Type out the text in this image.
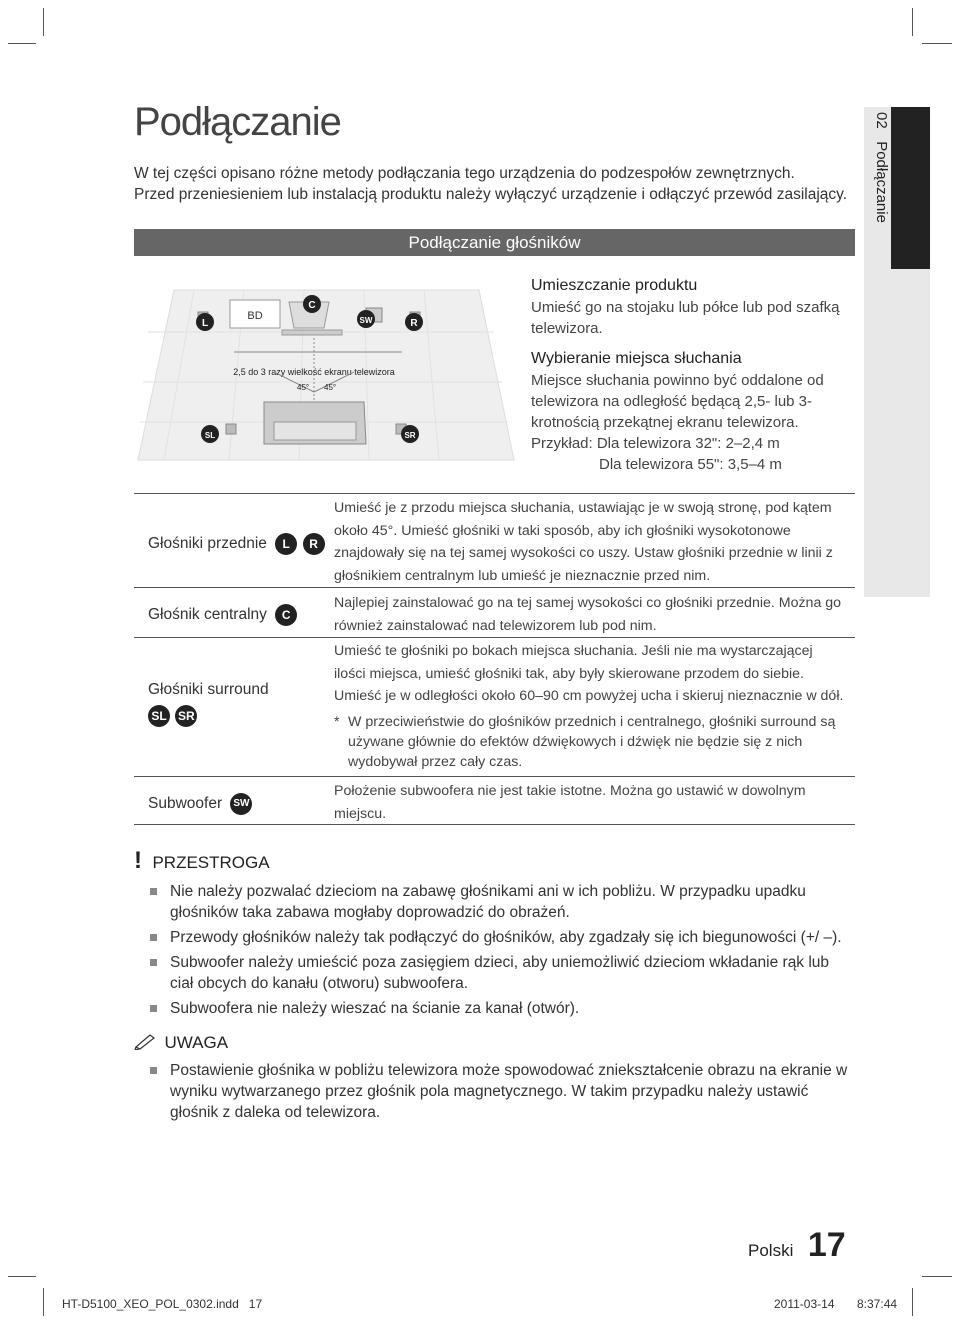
02   Podłączanie
Podłączanie
W tej części opisano różne metody podłączania tego urządzenia do podzespołów zewnętrznych.
Przed przeniesieniem lub instalacją produktu należy wyłączyć urządzenie i odłączyć przewód zasilający.
Podłączanie głośników
BD
2,5 do 3 razy wielkość ekranu telewizora
45° 45°
L
C
SW	R
SL	SR
Umieszczanie produktu
Umieść go na stojaku lub półce lub pod szafką telewizora.
Wybieranie miejsca słuchania
Miejsce słuchania powinno być oddalone od telewizora na odległość będącą 2,5- lub 3-krotnością przekątnej ekranu telewizora.
Przykład: Dla telewizora 32": 2–2,4 m
Dla telewizora 55": 3,5–4 m
Głośniki przednie L R
Umieść je z przodu miejsca słuchania, ustawiając je w swoją stronę, pod kątem około 45°. Umieść głośniki w taki sposób, aby ich głośniki wysokotonowe znajdowały się na tej samej wysokości co uszy. Ustaw głośniki przednie w linii z głośnikiem centralnym lub umieść je nieznacznie przed nim.
Głośnik centralny C
Najlepiej zainstalować go na tej samej wysokości co głośniki przednie. Można go również zainstalować nad telewizorem lub pod nim.
Głośniki surround
SL SR
Umieść te głośniki po bokach miejsca słuchania. Jeśli nie ma wystarczającej ilości miejsca, umieść głośniki tak, aby były skierowane przodem do siebie. Umieść je w odległości około 60–90 cm powyżej ucha i skieruj nieznacznie w dół.
* W przeciwieństwie do głośników przednich i centralnego, głośniki surround są używane głównie do efektów dźwiękowych i dźwięk nie będzie się z nich wydobywał przez cały czas.
Subwoofer SW
Położenie subwoofera nie jest takie istotne. Można go ustawić w dowolnym miejscu.
! PRZESTROGA
Nie należy pozwalać dzieciom na zabawę głośnikami ani w ich pobliżu. W przypadku upadku głośników taka zabawa mogłaby doprowadzić do obrażeń.
Przewody głośników należy tak podłączyć do głośników, aby zgadzały się ich biegunowości (+/ –).
Subwoofer należy umieścić poza zasięgiem dzieci, aby uniemożliwić dzieciom wkładanie rąk lub ciał obcych do kanału (otworu) subwoofera.
Subwoofera nie należy wieszać na ścianie za kanał (otwór).
UWAGA
Postawienie głośnika w pobliżu telewizora może spowodować zniekształcenie obrazu na ekranie w wyniku wytwarzanego przez głośnik pola magnetycznego. W takim przypadku należy ustawić głośnik z daleka od telewizora.
Polski 17
HT-D5100_XEO_POL_0302.indd   17	2011-03-14 8:37:44
